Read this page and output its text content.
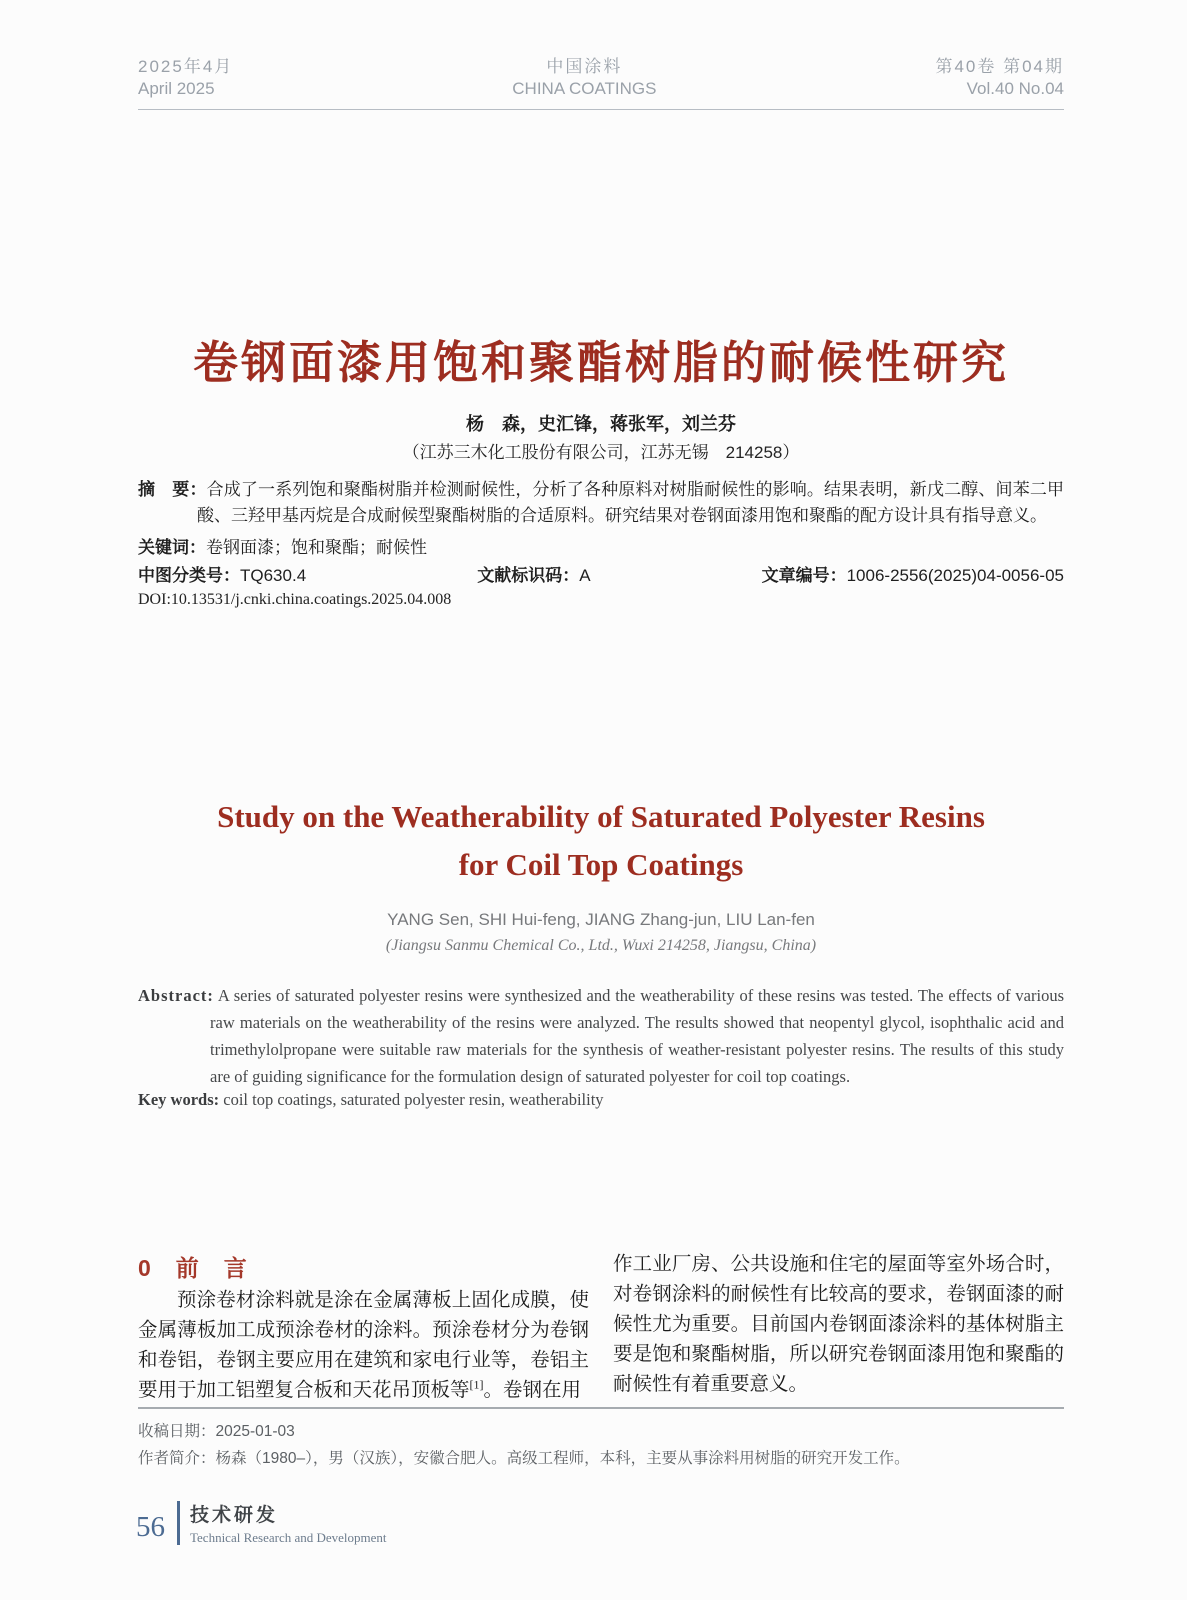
2025年4月
April 2025
中国涂料
CHINA COATINGS
第40卷 第04期
Vol.40 No.04
卷钢面漆用饱和聚酯树脂的耐候性研究
杨　森，史汇锋，蒋张军，刘兰芬
（江苏三木化工股份有限公司，江苏无锡　214258）
摘　要：合成了一系列饱和聚酯树脂并检测耐候性，分析了各种原料对树脂耐候性的影响。结果表明，新戊二醇、间苯二甲酸、三羟甲基丙烷是合成耐候型聚酯树脂的合适原料。研究结果对卷钢面漆用饱和聚酯的配方设计具有指导意义。
关键词：卷钢面漆；饱和聚酯；耐候性
中图分类号：TQ630.4	文献标识码：A	文章编号：1006-2556(2025)04-0056-05
DOI:10.13531/j.cnki.china.coatings.2025.04.008
Study on the Weatherability of Saturated Polyester Resins
for Coil Top Coatings
YANG Sen, SHI Hui-feng, JIANG Zhang-jun, LIU Lan-fen
(Jiangsu Sanmu Chemical Co., Ltd., Wuxi 214258, Jiangsu, China)
Abstract: A series of saturated polyester resins were synthesized and the weatherability of these resins was tested. The effects of various raw materials on the weatherability of the resins were analyzed. The results showed that neopentyl glycol, isophthalic acid and trimethylolpropane were suitable raw materials for the synthesis of weather-resistant polyester resins. The results of this study are of guiding significance for the formulation design of saturated polyester for coil top coatings.
Key words: coil top coatings, saturated polyester resin, weatherability
0　前　言

预涂卷材涂料就是涂在金属薄板上固化成膜，使金属薄板加工成预涂卷材的涂料。预涂卷材分为卷钢和卷铝，卷钢主要应用在建筑和家电行业等，卷铝主要用于加工铝塑复合板和天花吊顶板等[1]。卷钢在用

作工业厂房、公共设施和住宅的屋面等室外场合时，对卷钢涂料的耐候性有比较高的要求，卷钢面漆的耐候性尤为重要。目前国内卷钢面漆涂料的基体树脂主要是饱和聚酯树脂，所以研究卷钢面漆用饱和聚酯的耐候性有着重要意义。

收稿日期：2025-01-03
作者简介：杨森（1980–），男（汉族），安徽合肥人。高级工程师，本科，主要从事涂料用树脂的研究开发工作。
56 技术研发
Technical Research and Development
